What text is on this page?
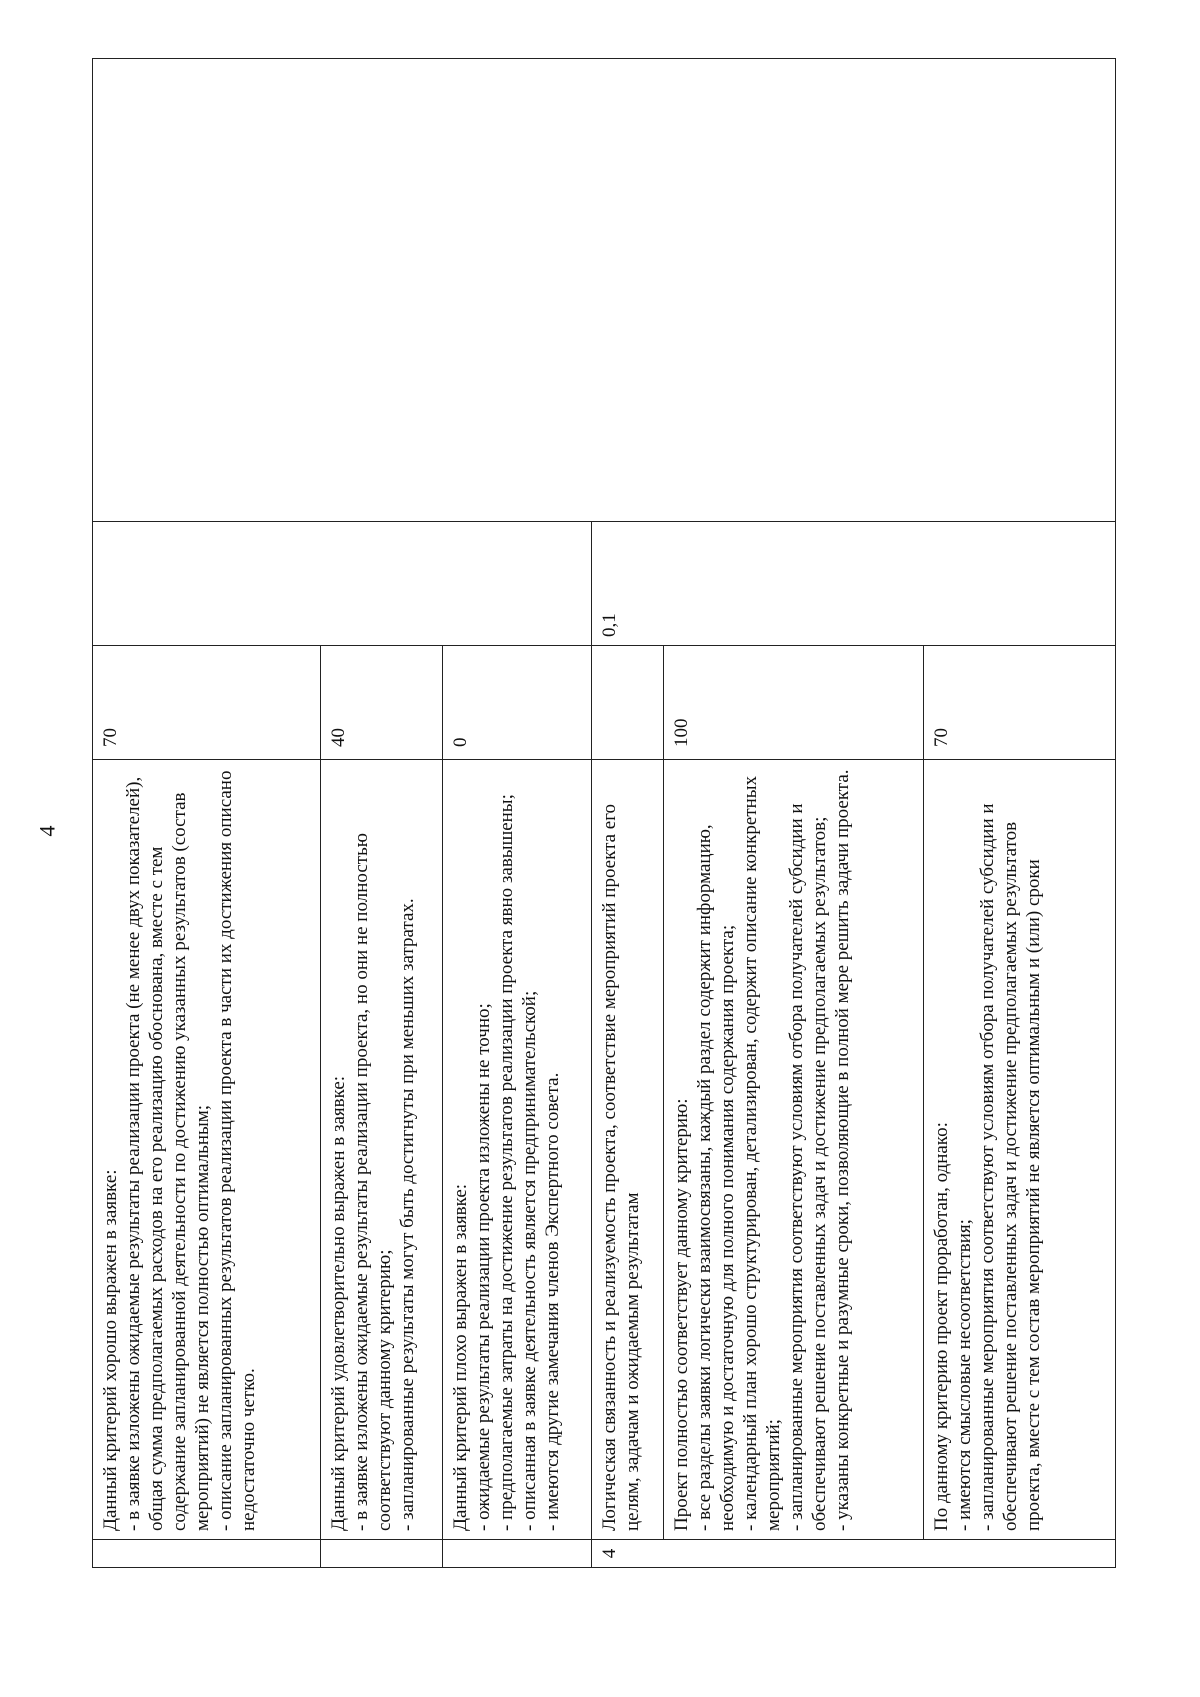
4

	Данный критерий хорошо выражен в заявке: - в заявке изложены ожидаемые результаты реализации проекта (не менее двух показателей), общая сумма предполагаемых расходов на его реализацию обоснована, вместе с тем содержание запланированной деятельности по достижению указанных результатов (состав мероприятий) не является полностью оптимальным; - описание запланированных результатов реализации проекта в части их достижения описано недостаточно четко.	70		

	Данный критерий удовлетворительно выражен в заявке: - в заявке изложены ожидаемые результаты реализации проекта, но они не полностью соответствуют данному критерию; - запланированные результаты могут быть достигнуты при меньших затратах.	40		

	Данный критерий плохо выражен в заявке: - ожидаемые результаты реализации проекта изложены не точно; - предполагаемые затраты на достижение результатов реализации проекта явно завышены; - описанная в заявке деятельность является предпринимательской; - имеются другие замечания членов Экспертного совета.	0		
4	Логическая связанность и реализуемость проекта, соответствие мероприятий проекта его целям, задачам и ожидаемым результатам		0,1	

	Проект полностью соответствует данному критерию: - все разделы заявки логически взаимосвязаны, каждый раздел содержит информацию, необходимую и достаточную для полного понимания содержания проекта; - календарный план хорошо структурирован, детализирован, содержит описание конкретных мероприятий; - запланированные мероприятия соответствуют условиям отбора получателей субсидии и обеспечивают решение поставленных задач и достижение предполагаемых результатов; - указаны конкретные и разумные сроки, позволяющие в полной мере решить задачи проекта.	100		

	По данному критерию проект проработан, однако: - имеются смысловые несоответствия; - запланированные мероприятия соответствуют условиям отбора получателей субсидии и обеспечивают решение поставленных задач и достижение предполагаемых результатов проекта, вместе с тем состав мероприятий не является оптимальным и (или) сроки	70		
